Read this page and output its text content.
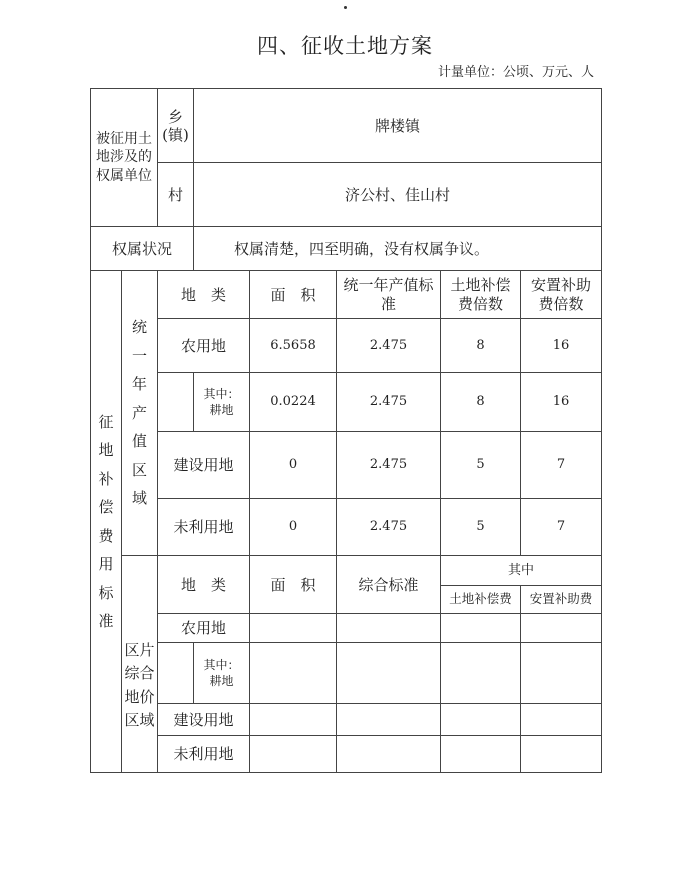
四、征收土地方案
计量单位：公顷、万元、人
被征用土地涉及的权属单位		乡(镇)	牌楼镇				
		村	济公村、佳山村				
权属状况			权属清楚，四至明确，没有权属争议。				
征地补偿费用标准	统一年产值区域	地　类		面　积	统一年产值标准	土地补偿费倍数	安置补助费倍数
		农用地		6.5658	2.475	8	16
			其中：耕地	0.0224	2.475	8	16
		建设用地		0	2.475	5	7
		未利用地		0	2.475	5	7
	区片综合地价区域	地　类		面　积	综合标准	其中	
						土地补偿费	安置补助费
		农用地					
			其中：耕地				
		建设用地					
		未利用地					
